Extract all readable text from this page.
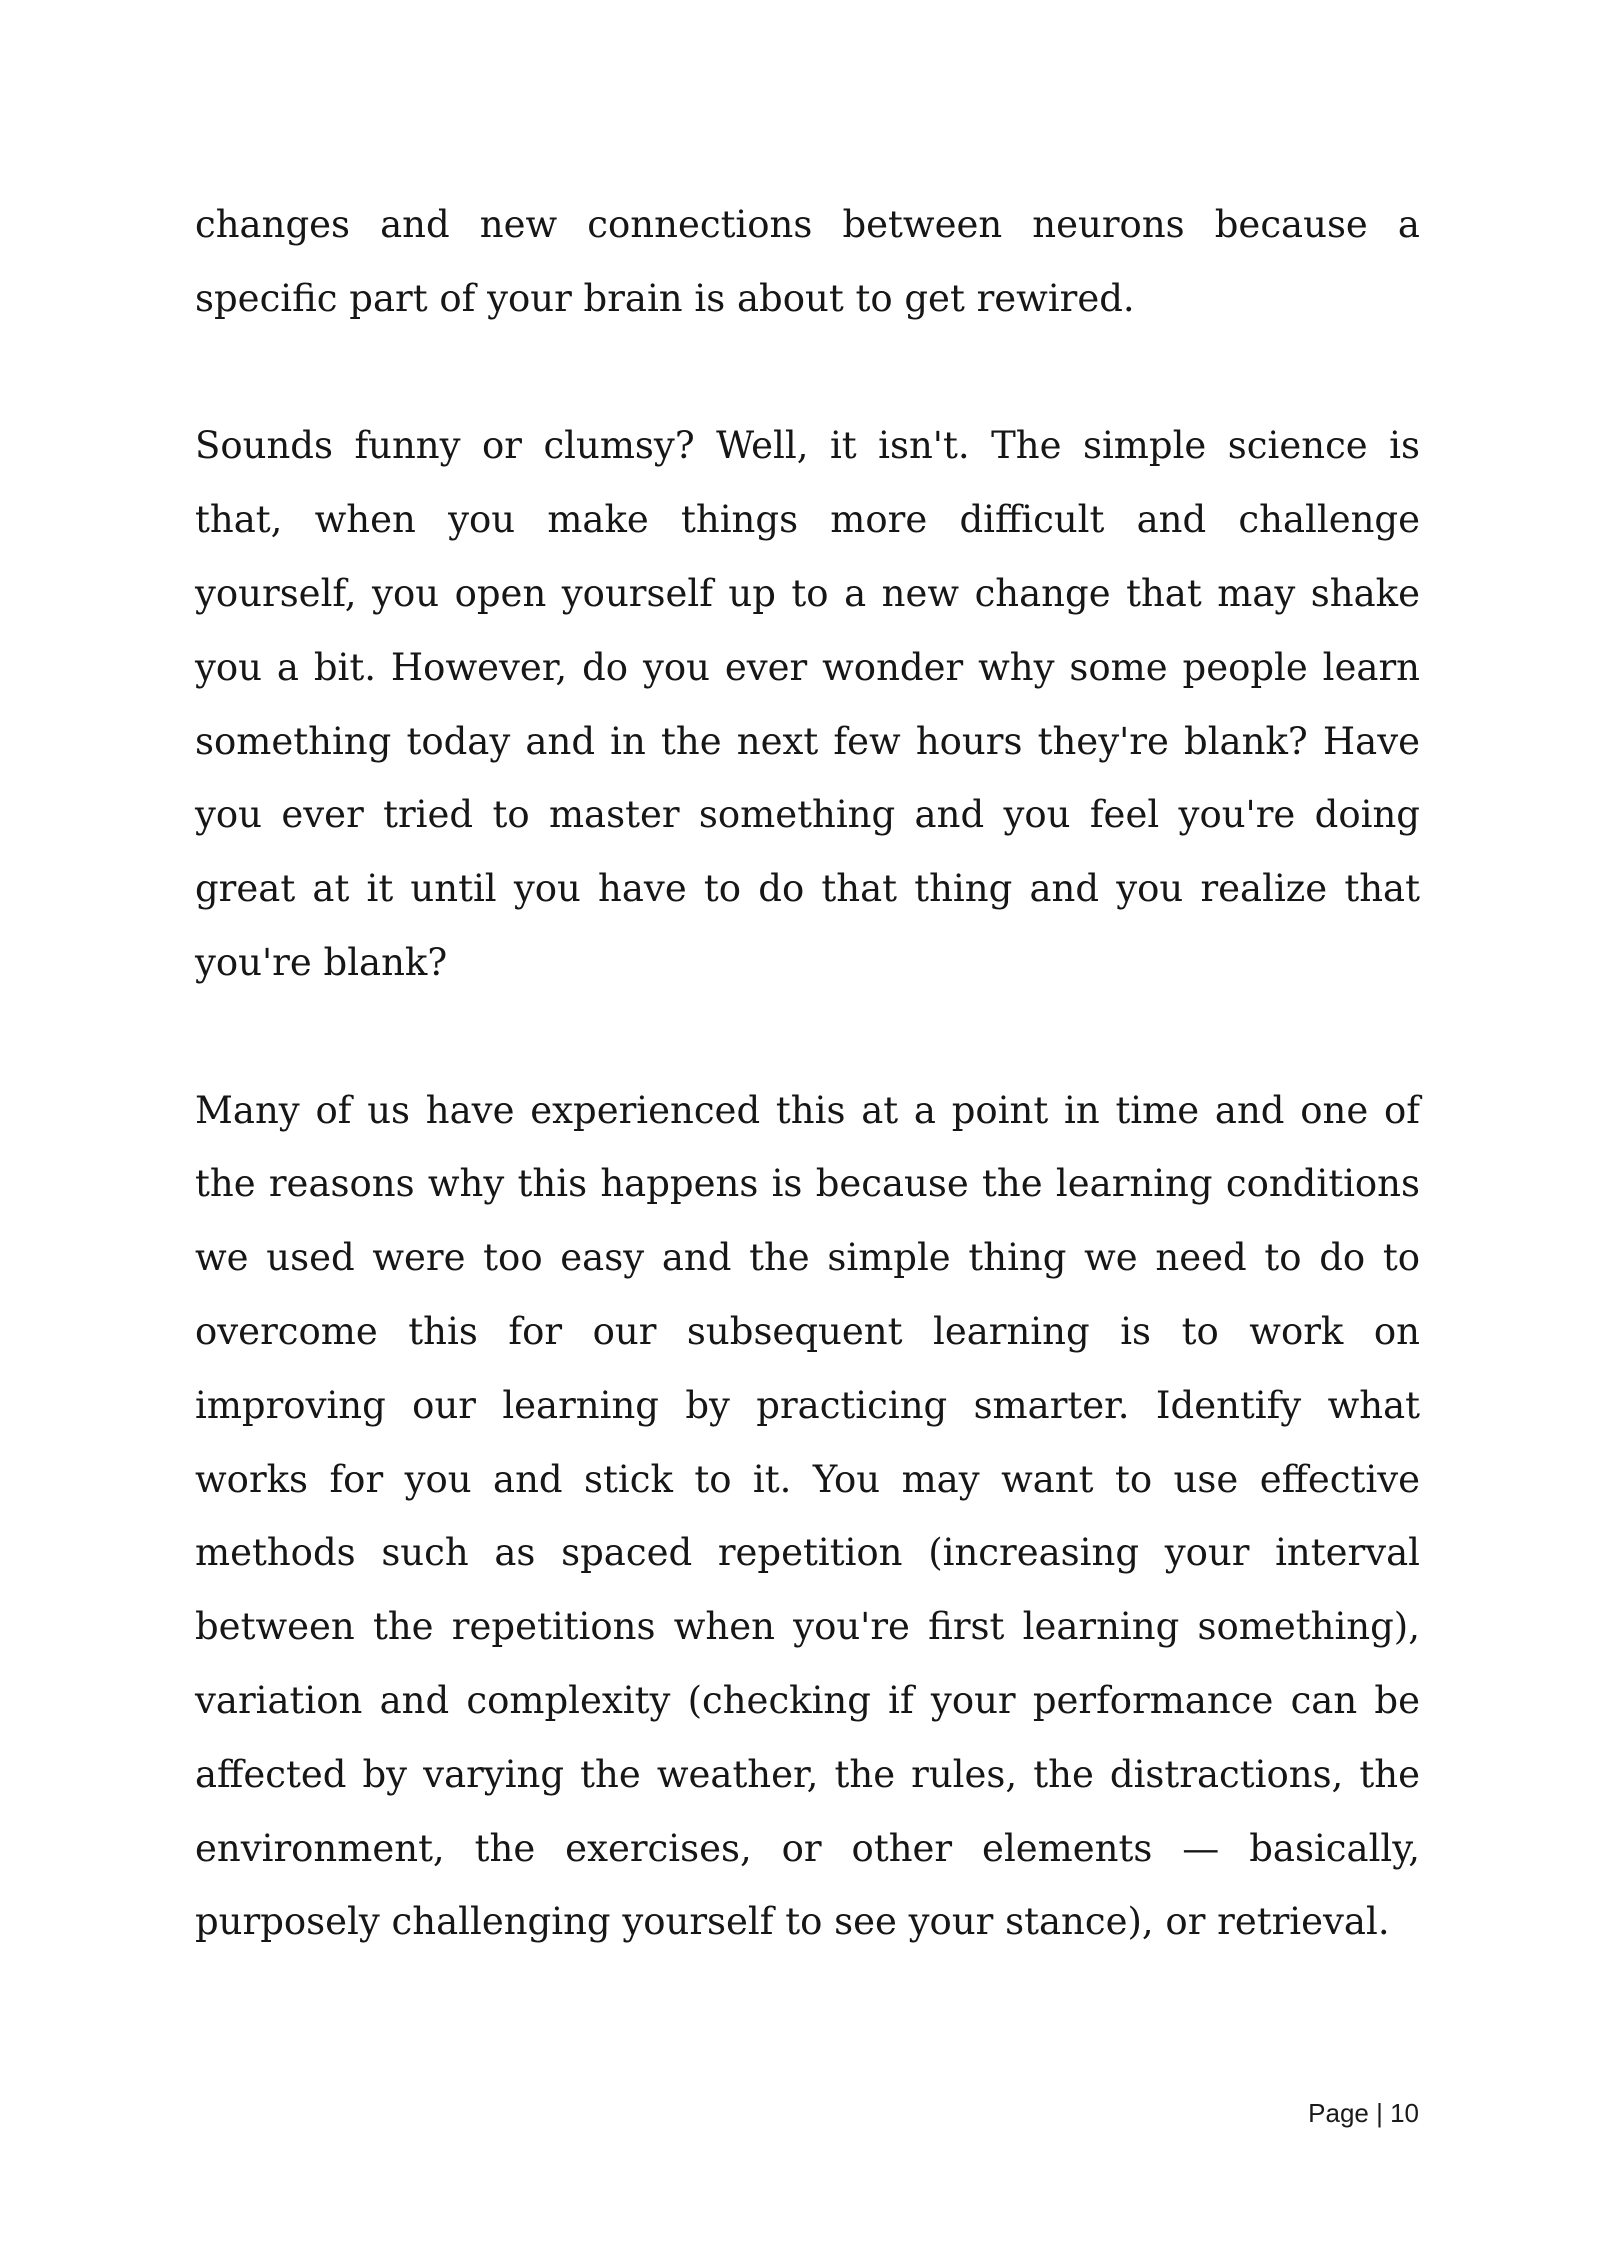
changes and new connections between neurons because a specific part of your brain is about to get rewired.

Sounds funny or clumsy? Well, it isn't. The simple science is that, when you make things more difficult and challenge yourself, you open yourself up to a new change that may shake you a bit. However, do you ever wonder why some people learn something today and in the next few hours they're blank? Have you ever tried to master something and you feel you're doing great at it until you have to do that thing and you realize that you're blank?

Many of us have experienced this at a point in time and one of the reasons why this happens is because the learning conditions we used were too easy and the simple thing we need to do to overcome this for our subsequent learning is to work on improving our learning by practicing smarter. Identify what works for you and stick to it. You may want to use effective methods such as spaced repetition (increasing your interval between the repetitions when you're first learning something), variation and complexity (checking if your performance can be affected by varying the weather, the rules, the distractions, the environment, the exercises, or other elements — basically, purposely challenging yourself to see your stance), or retrieval.

Page | 10
